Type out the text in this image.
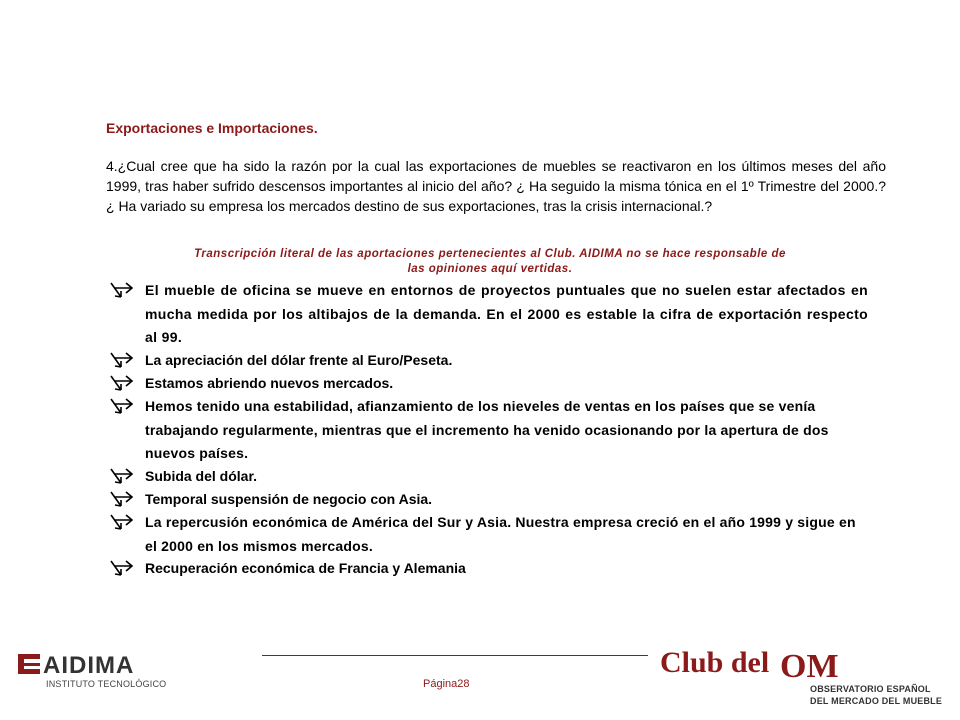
Exportaciones e Importaciones.

4.¿Cual cree que ha sido la razón por la cual las exportaciones de muebles se reactivaron en los últimos meses del año 1999, tras haber sufrido descensos importantes al inicio del año? ¿ Ha seguido la misma tónica en el 1º Trimestre del 2000.? ¿ Ha variado su empresa los mercados destino de sus exportaciones, tras la crisis internacional.?

Transcripción literal de las aportaciones pertenecientes al Club. AIDIMA no se hace responsable de las opiniones aquí vertidas.

El mueble de oficina se mueve en entornos de proyectos puntuales que no suelen estar afectados en mucha medida por los altibajos de la demanda. En el 2000 es estable la cifra de exportación respecto al 99.
La apreciación del dólar frente al Euro/Peseta.
Estamos abriendo nuevos mercados.
Hemos tenido una estabilidad, afianzamiento de los nieveles de ventas en los países que se venía trabajando regularmente, mientras que el incremento ha venido ocasionando por la apertura de dos nuevos países.
Subida del dólar.
Temporal suspensión de negocio con Asia.
La repercusión económica de América del Sur y Asia. Nuestra empresa creció en el año 1999 y sigue en el 2000 en los mismos mercados.
Recuperación económica de Francia y Alemania
Página28
AIDIMA
INSTITUTO TECNOLÓGICO
Club del OM
OBSERVATORIO ESPAÑOL
DEL MERCADO DEL MUEBLE
